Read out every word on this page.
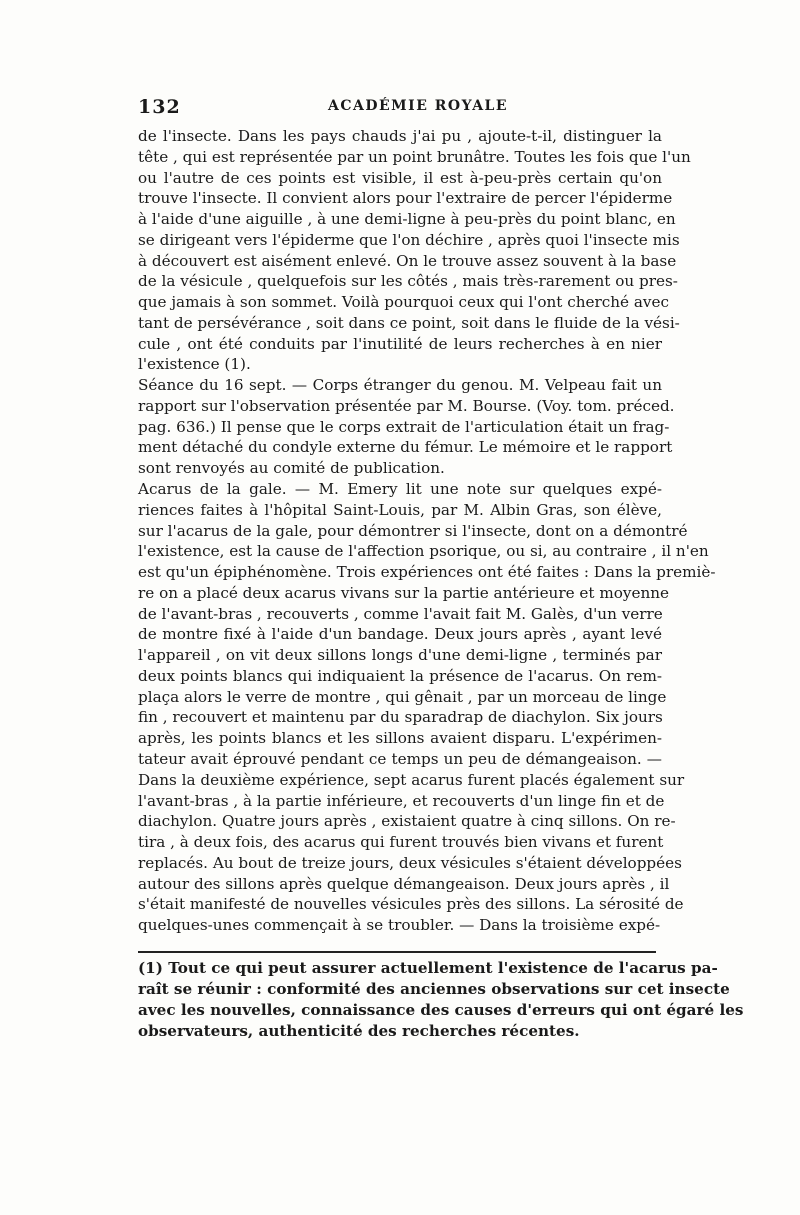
132	ACADÉMIE ROYALE
de l'insecte. Dans les pays chauds j'ai pu , ajoute-t-il, distinguer la
tête , qui est représentée par un point brunâtre. Toutes les fois que l'un
ou l'autre de ces points est visible, il est à-peu-près certain qu'on
trouve l'insecte. Il convient alors pour l'extraire de percer l'épiderme
à l'aide d'une aiguille , à une demi-ligne à peu-près du point blanc, en
se dirigeant vers l'épiderme que l'on déchire , après quoi l'insecte mis
à découvert est aisément enlevé. On le trouve assez souvent à la base
de la vésicule , quelquefois sur les côtés , mais très-rarement ou pres-
que jamais à son sommet. Voilà pourquoi ceux qui l'ont cherché avec
tant de persévérance , soit dans ce point, soit dans le fluide de la vési-
cule , ont été conduits par l'inutilité de leurs recherches à en nier
l'existence (1).
Séance du 16 sept. — Corps étranger du genou. M. Velpeau fait un
rapport sur l'observation présentée par M. Bourse. (Voy. tom. préced.
pag. 636.) Il pense que le corps extrait de l'articulation était un frag-
ment détaché du condyle externe du fémur. Le mémoire et le rapport
sont renvoyés au comité de publication.
Acarus de la gale. — M. Emery lit une note sur quelques expé-
riences faites à l'hôpital Saint-Louis, par M. Albin Gras, son élève,
sur l'acarus de la gale, pour démontrer si l'insecte, dont on a démontré
l'existence, est la cause de l'affection psorique, ou si, au contraire , il n'en
est qu'un épiphénomène. Trois expériences ont été faites : Dans la premiè-
re on a placé deux acarus vivans sur la partie antérieure et moyenne
de l'avant-bras , recouverts , comme l'avait fait M. Galès, d'un verre
de montre fixé à l'aide d'un bandage. Deux jours après , ayant levé
l'appareil , on vit deux sillons longs d'une demi-ligne , terminés par
deux points blancs qui indiquaient la présence de l'acarus. On rem-
plaça alors le verre de montre , qui gênait , par un morceau de linge
fin , recouvert et maintenu par du sparadrap de diachylon. Six jours
après, les points blancs et les sillons avaient disparu. L'expérimen-
tateur avait éprouvé pendant ce temps un peu de démangeaison. —
Dans la deuxième expérience, sept acarus furent placés également sur
l'avant-bras , à la partie inférieure, et recouverts d'un linge fin et de
diachylon. Quatre jours après , existaient quatre à cinq sillons. On re-
tira , à deux fois, des acarus qui furent trouvés bien vivans et furent
replacés. Au bout de treize jours, deux vésicules s'étaient développées
autour des sillons après quelque démangeaison. Deux jours après , il
s'était manifesté de nouvelles vésicules près des sillons. La sérosité de
quelques-unes commençait à se troubler. — Dans la troisième expé-
(1) Tout ce qui peut assurer actuellement l'existence de l'acarus pa-
raît se réunir : conformité des anciennes observations sur cet insecte
avec les nouvelles, connaissance des causes d'erreurs qui ont égaré les
observateurs, authenticité des recherches récentes.
